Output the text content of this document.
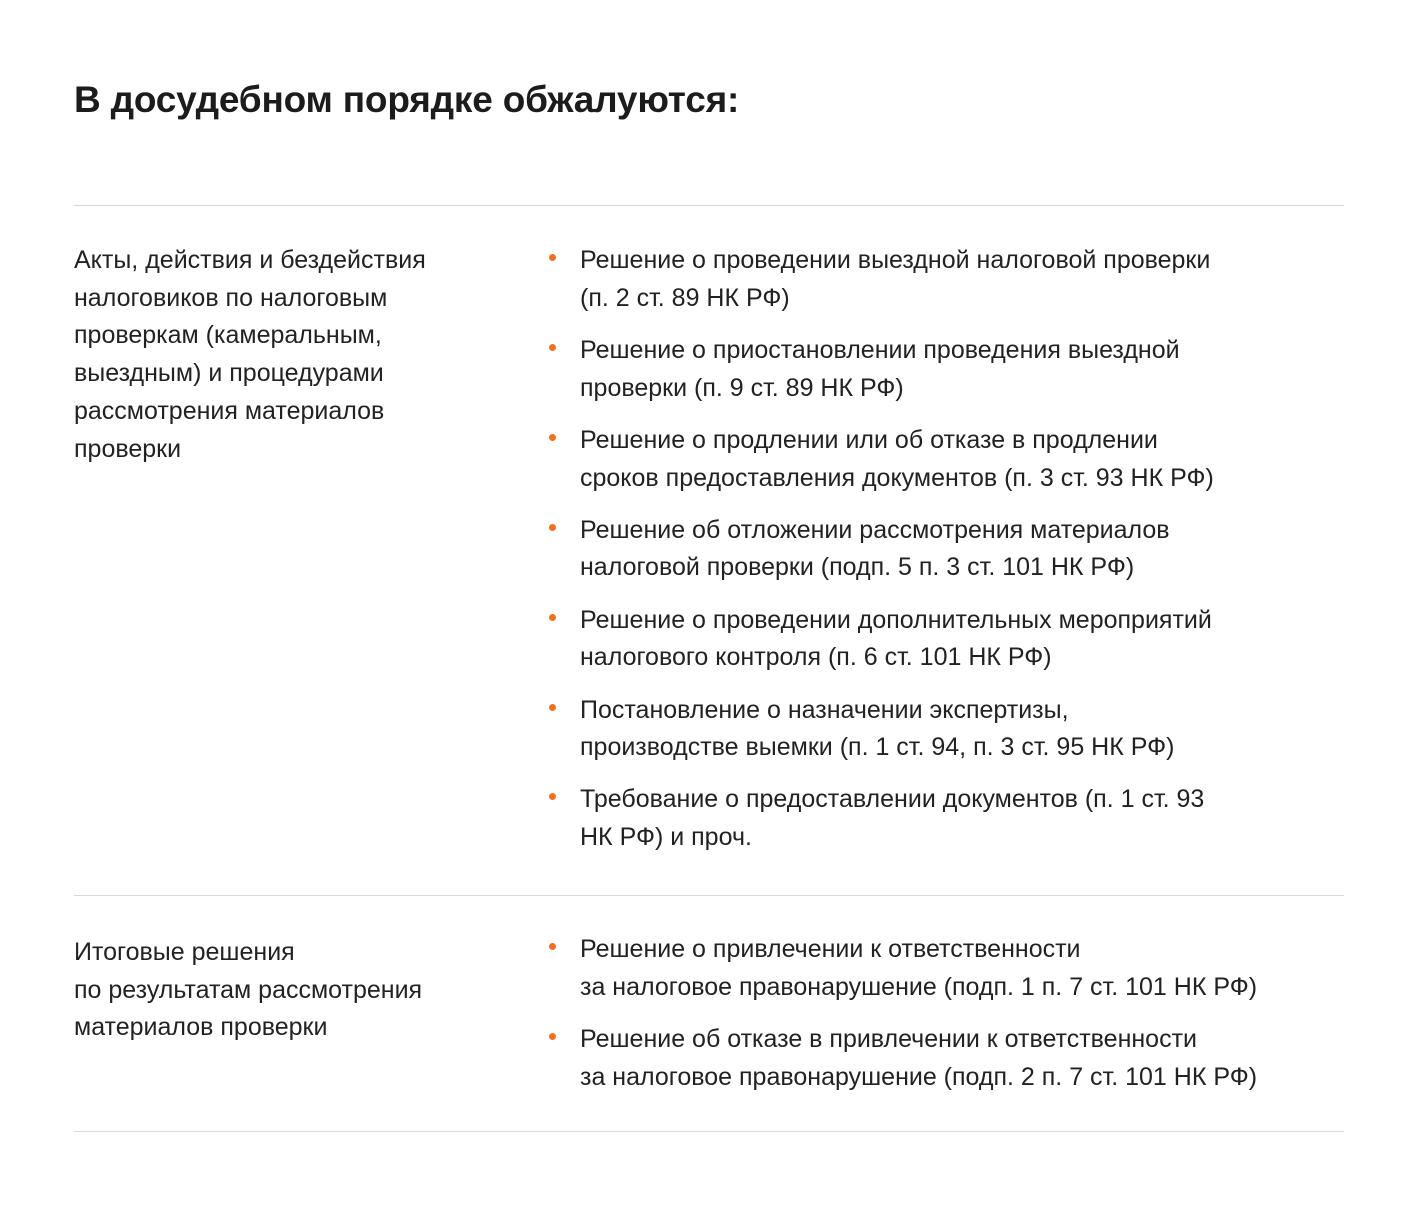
В досудебном порядке обжалуются:
Акты, действия и бездействия
налоговиков по налоговым
проверкам (камеральным,
выездным) и процедурами
рассмотрения материалов
проверки
Решение о проведении выездной налоговой проверки
(п. 2 ст. 89 НК РФ)
Решение о приостановлении проведения выездной
проверки (п. 9 ст. 89 НК РФ)
Решение о продлении или об отказе в продлении
сроков предоставления документов (п. 3 ст. 93 НК РФ)
Решение об отложении рассмотрения материалов
налоговой проверки (подп. 5 п. 3 ст. 101 НК РФ)
Решение о проведении дополнительных мероприятий
налогового контроля (п. 6 ст. 101 НК РФ)
Постановление о назначении экспертизы,
производстве выемки (п. 1 ст. 94, п. 3 ст. 95 НК РФ)
Требование о предоставлении документов (п. 1 ст. 93
НК РФ) и проч.
Итоговые решения
по результатам рассмотрения
материалов проверки
Решение о привлечении к ответственности
за налоговое правонарушение (подп. 1 п. 7 ст. 101 НК РФ)
Решение об отказе в привлечении к ответственности
за налоговое правонарушение (подп. 2 п. 7 ст. 101 НК РФ)
